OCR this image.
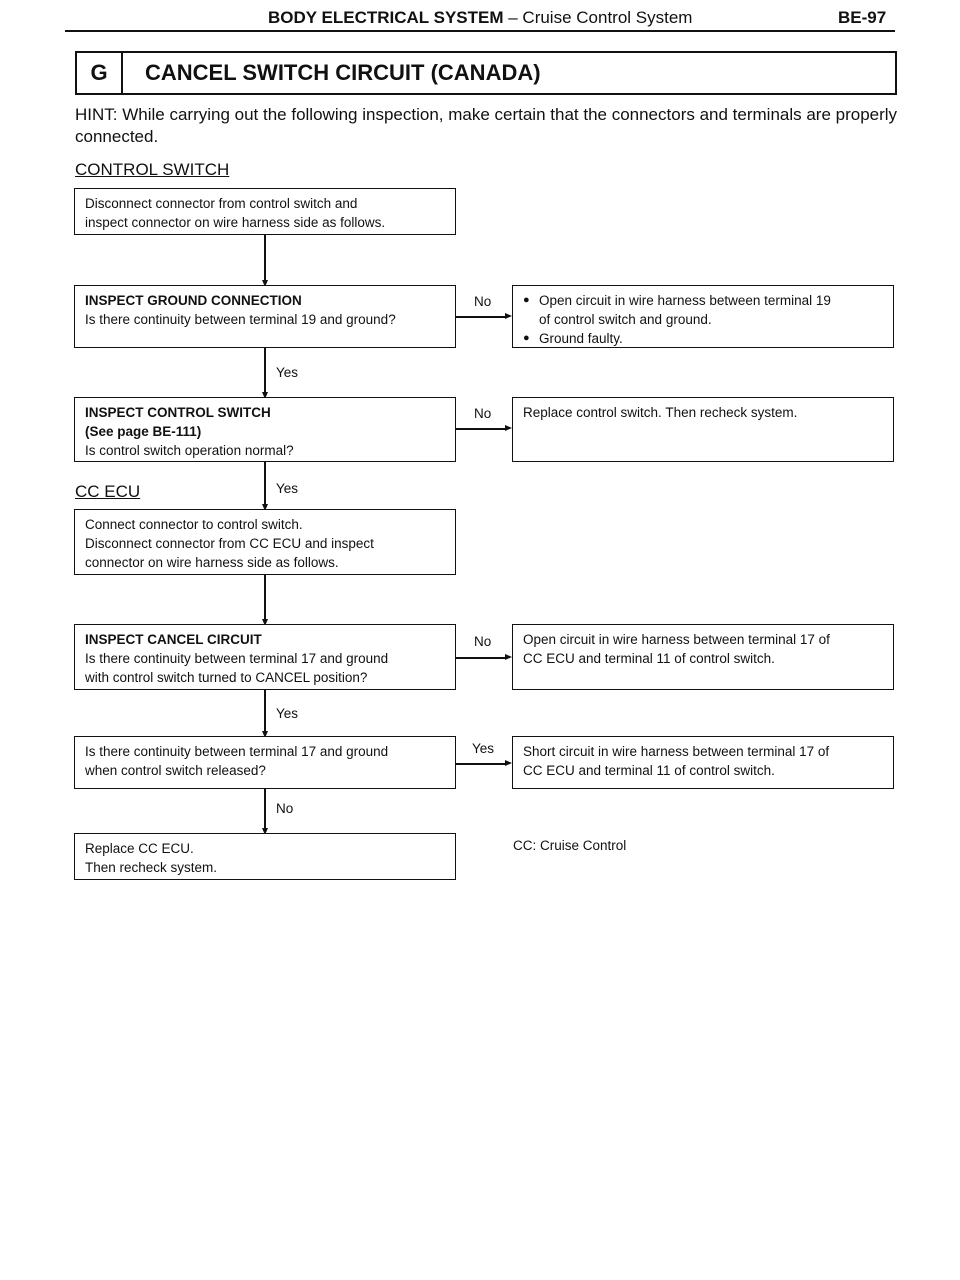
BODY ELECTRICAL SYSTEM – Cruise Control System	BE-97
G	CANCEL SWITCH CIRCUIT (CANADA)
HINT: While carrying out the following inspection, make certain that the connectors and terminals are properly connected.
CONTROL SWITCH
Disconnect connector from control switch and
inspect connector on wire harness side as follows.
INSPECT GROUND CONNECTION
Is there continuity between terminal 19 and ground?
No
●	Open circuit in wire harness between terminal 19
of control switch and ground.
● Ground faulty.
Yes
INSPECT CONTROL SWITCH
(See page BE-111)
Is control switch operation normal?
No	Replace control switch. Then recheck system.
CC ECU	Yes
Connect connector to control switch.
Disconnect connector from CC ECU and inspect
connector on wire harness side as follows.
INSPECT CANCEL CIRCUIT
Is there continuity between terminal 17 and ground
with control switch turned to CANCEL position?
No Open circuit in wire harness between terminal 17 of
CC ECU and terminal 11 of control switch.
Yes
Is there continuity between terminal 17 and ground
when control switch released?
Yes Short circuit in wire harness between terminal 17 of
CC ECU and terminal 11 of control switch.
No
Replace CC ECU.
Then recheck system.
CC: Cruise Control
